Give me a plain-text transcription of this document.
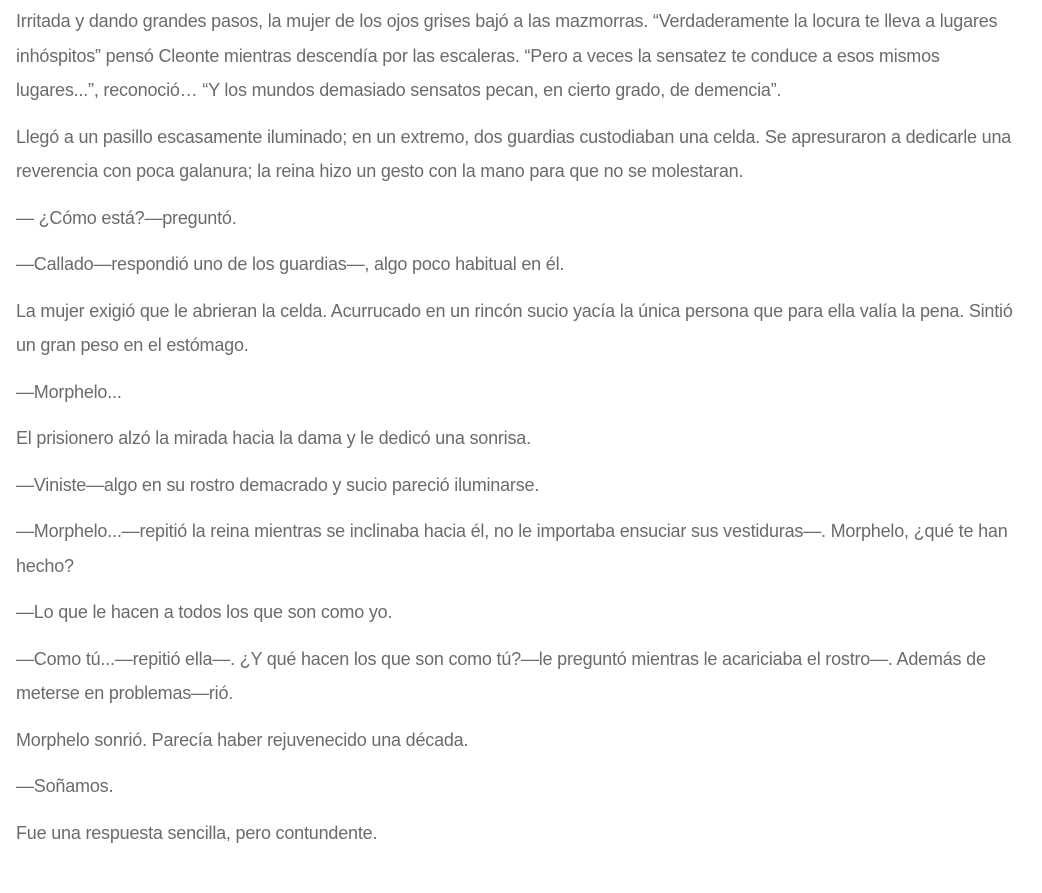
Irritada y dando grandes pasos, la mujer de los ojos grises bajó a las mazmorras. “Verdaderamente la locura te lleva a lugares inhóspitos” pensó Cleonte mientras descendía por las escaleras. “Pero a veces la sensatez te conduce a esos mismos lugares...”, reconoció… “Y los mundos demasiado sensatos pecan, en cierto grado, de demencia”.

Llegó a un pasillo escasamente iluminado; en un extremo, dos guardias custodiaban una celda. Se apresuraron a dedicarle una reverencia con poca galanura; la reina hizo un gesto con la mano para que no se molestaran.

— ¿Cómo está?—preguntó.

—Callado—respondió uno de los guardias—, algo poco habitual en él.

La mujer exigió que le abrieran la celda. Acurrucado en un rincón sucio yacía la única persona que para ella valía la pena. Sintió un gran peso en el estómago.

—Morphelo...

El prisionero alzó la mirada hacia la dama y le dedicó una sonrisa.

—Viniste—algo en su rostro demacrado y sucio pareció iluminarse.

—Morphelo...—repitió la reina mientras se inclinaba hacia él, no le importaba ensuciar sus vestiduras—. Morphelo, ¿qué te han hecho?

—Lo que le hacen a todos los que son como yo.

—Como tú...—repitió ella—. ¿Y qué hacen los que son como tú?—le preguntó mientras le acariciaba el rostro—. Además de meterse en problemas—rió.

Morphelo sonrió. Parecía haber rejuvenecido una década.

—Soñamos.

Fue una respuesta sencilla, pero contundente.
